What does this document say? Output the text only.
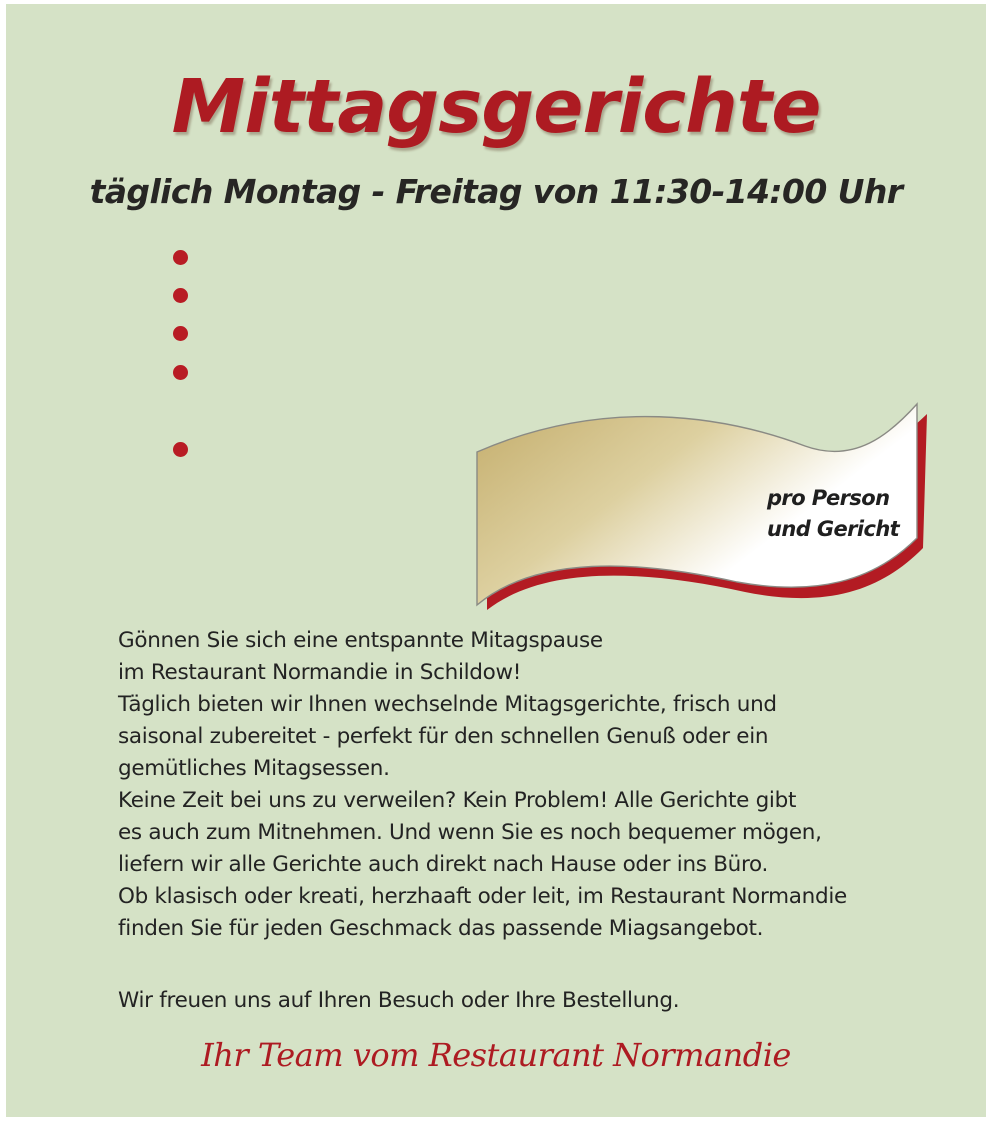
Mittagsgerichte
täglich Montag - Freitag von 11:30-14:00 Uhr
pro Person
und Gericht

Gönnen Sie sich eine entspannte Mitagspause

im Restaurant Normandie in Schildow!

Täglich bieten wir Ihnen wechselnde Mitagsgerichte, frisch und

saisonal zubereitet - perfekt für den schnellen Genuß oder ein

gemütliches Mitagsessen.

Keine Zeit bei uns zu verweilen? Kein Problem! Alle Gerichte gibt

es auch zum Mitnehmen. Und wenn Sie es noch bequemer mögen,

liefern wir alle Gerichte auch direkt nach Hause oder ins Büro.

Ob klasisch oder kreati, herzhaaft oder leit, im Restaurant Normandie

finden Sie für jeden Geschmack das passende Miagsangebot.

Wir freuen uns auf Ihren Besuch oder Ihre Bestellung.

Ihr Team vom Restaurant Normandie
